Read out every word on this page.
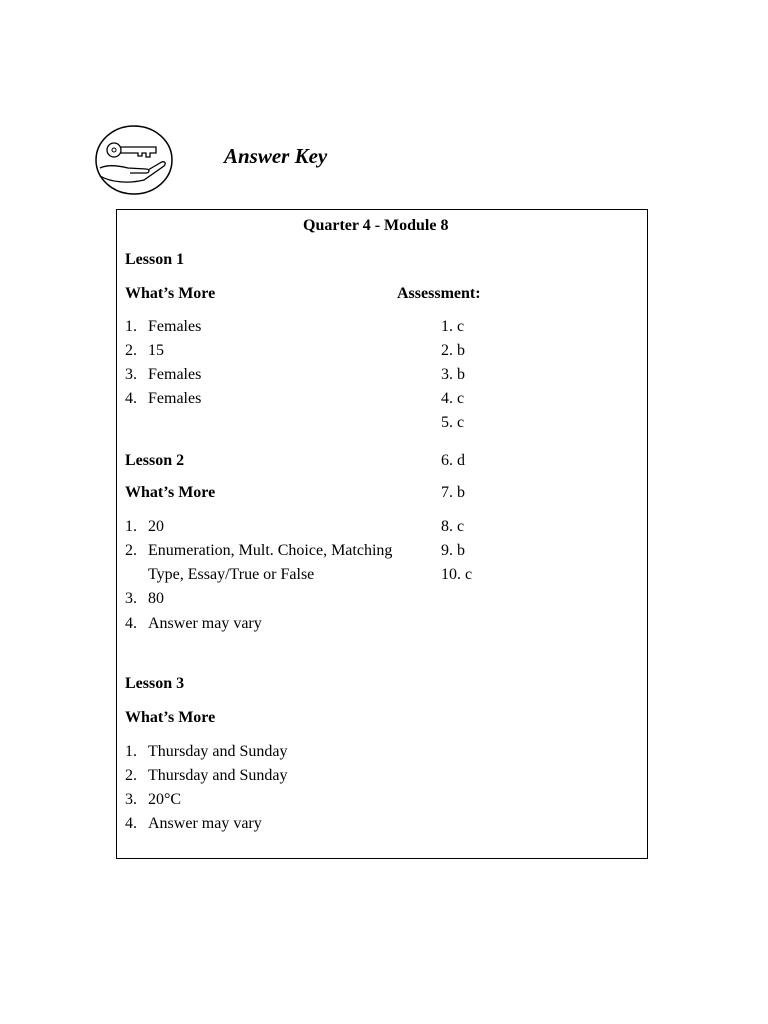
Answer Key
Quarter 4 - Module 8
Lesson 1
What’s More	Assessment:
1. Females
2. 15
3. Females
4. Females
1. c
2. b
3. b
4. c
5. c
6. d
7. b
8. c
9. b
10. c
Lesson 2
What’s More
1. 20
2. Enumeration, Mult. Choice, Matching
Type, Essay/True or False
3. 80
4. Answer may vary
Lesson 3
What’s More
1. Thursday and Sunday
2. Thursday and Sunday
3. 20°C
4. Answer may vary
